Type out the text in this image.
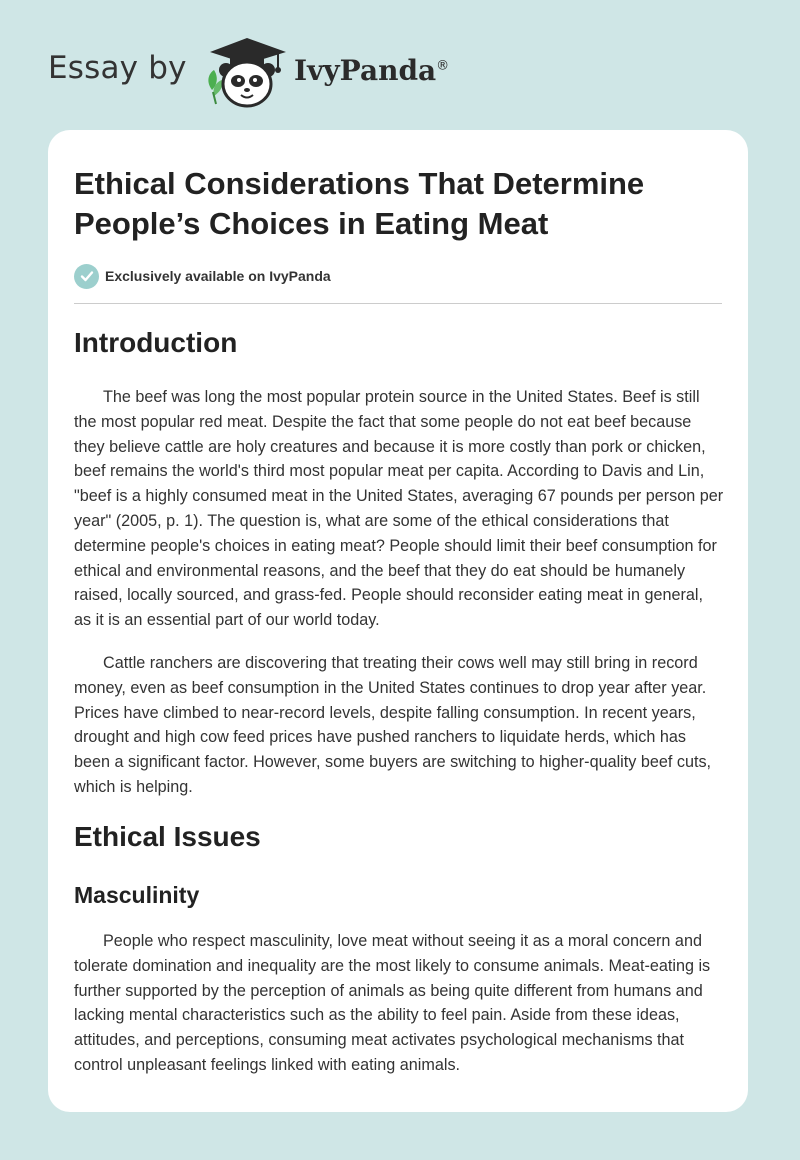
Essay by	IvyPanda®
Ethical Considerations That Determine People’s Choices in Eating Meat
Exclusively available on IvyPanda
Introduction

The beef was long the most popular protein source in the United States. Beef is still the most popular red meat. Despite the fact that some people do not eat beef because they believe cattle are holy creatures and because it is more costly than pork or chicken, beef remains the world's third most popular meat per capita. According to Davis and Lin, "beef is a highly consumed meat in the United States, averaging 67 pounds per person per year" (2005, p. 1). The question is, what are some of the ethical considerations that determine people's choices in eating meat? People should limit their beef consumption for ethical and environmental reasons, and the beef that they do eat should be humanely raised, locally sourced, and grass-fed. People should reconsider eating meat in general, as it is an essential part of our world today.

Cattle ranchers are discovering that treating their cows well may still bring in record money, even as beef consumption in the United States continues to drop year after year. Prices have climbed to near-record levels, despite falling consumption. In recent years, drought and high cow feed prices have pushed ranchers to liquidate herds, which has been a significant factor. However, some buyers are switching to higher-quality beef cuts, which is helping.

Ethical Issues
Masculinity

People who respect masculinity, love meat without seeing it as a moral concern and tolerate domination and inequality are the most likely to consume animals. Meat-eating is further supported by the perception of animals as being quite different from humans and lacking mental characteristics such as the ability to feel pain. Aside from these ideas, attitudes, and perceptions, consuming meat activates psychological mechanisms that control unpleasant feelings linked with eating animals.
